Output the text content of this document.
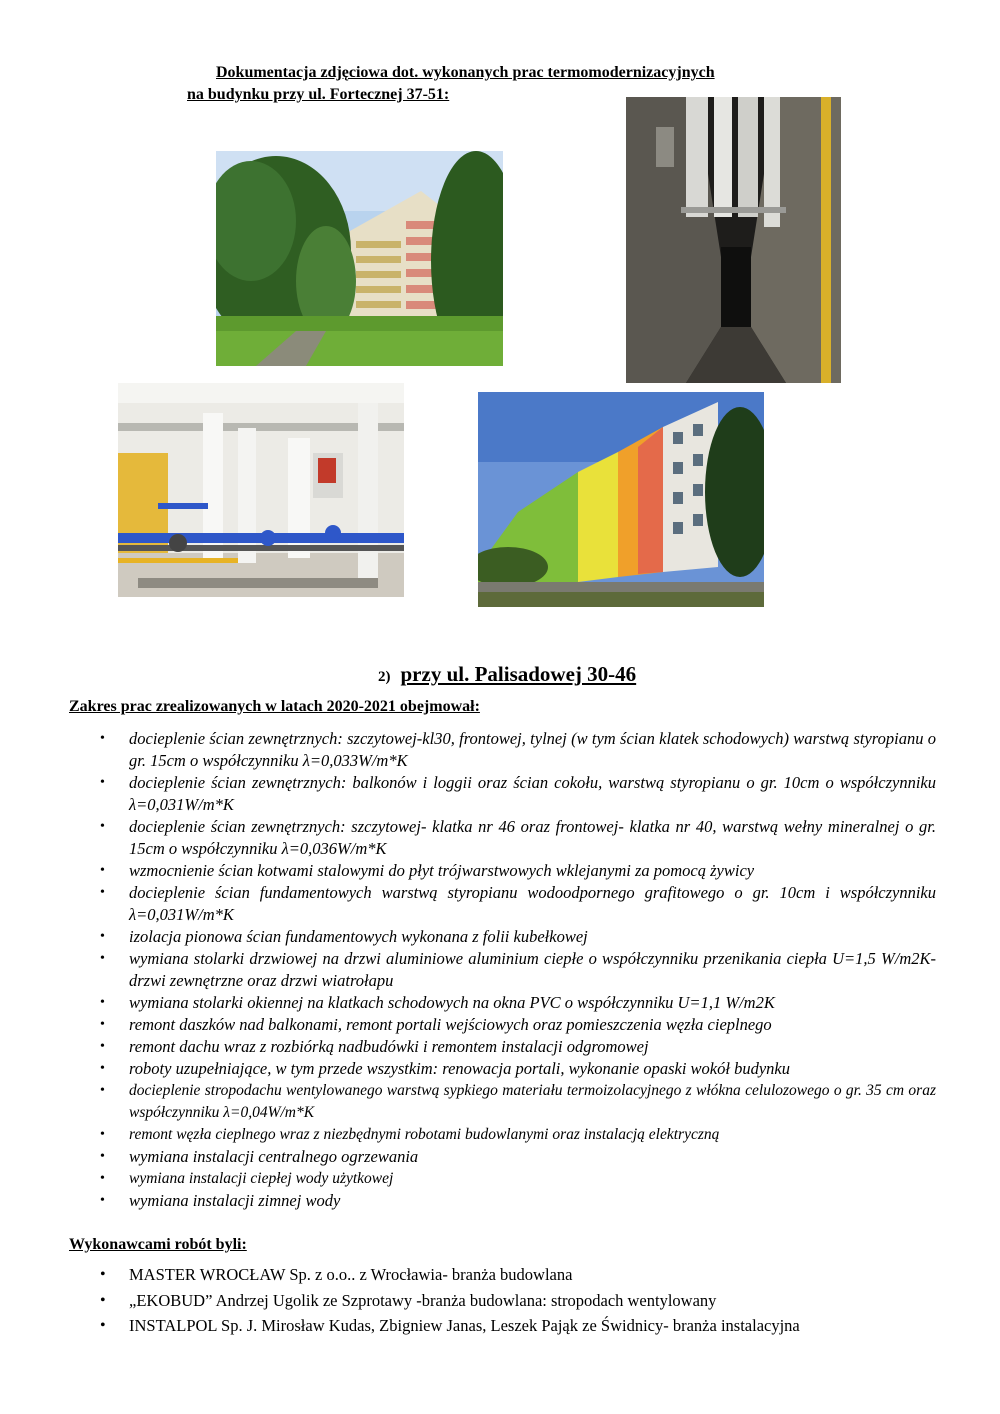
Dokumentacja zdjęciowa dot. wykonanych prac termomodernizacyjnych
na budynku przy ul. Fortecznej 37-51:
2) przy ul. Palisadowej 30-46
Zakres prac zrealizowanych w latach 2020-2021 obejmował:
• docieplenie ścian zewnętrznych: szczytowej-kl30, frontowej, tylnej (w tym ścian klatek schodowych) warstwą styropianu o gr. 15cm o współczynniku λ=0,033W/m*K
• docieplenie ścian zewnętrznych: balkonów i loggii oraz ścian cokołu, warstwą styropianu o gr. 10cm o współczynniku λ=0,031W/m*K
• docieplenie ścian zewnętrznych: szczytowej- klatka nr 46 oraz frontowej- klatka nr 40, warstwą wełny mineralnej o gr. 15cm o współczynniku λ=0,036W/m*K
• wzmocnienie ścian kotwami stalowymi do płyt trójwarstwowych wklejanymi za pomocą żywicy
• docieplenie ścian fundamentowych warstwą styropianu wodoodpornego grafitowego o gr. 10cm i współczynniku λ=0,031W/m*K
• izolacja pionowa ścian fundamentowych wykonana z folii kubełkowej
• wymiana stolarki drzwiowej na drzwi aluminiowe aluminium ciepłe o współczynniku przenikania ciepła U=1,5 W/m2K- drzwi zewnętrzne oraz drzwi wiatrołapu
• wymiana stolarki okiennej na klatkach schodowych na okna PVC o współczynniku U=1,1 W/m2K
• remont daszków nad balkonami, remont portali wejściowych oraz pomieszczenia węzła cieplnego
• remont dachu wraz z rozbiórką nadbudówki i remontem instalacji odgromowej
• roboty uzupełniające, w tym przede wszystkim: renowacja portali, wykonanie opaski wokół budynku
• docieplenie stropodachu wentylowanego warstwą sypkiego materiału termoizolacyjnego z włókna celulozowego o gr. 35 cm oraz współczynniku λ=0,04W/m*K
• remont węzła cieplnego wraz z niezbędnymi robotami budowlanymi oraz instalacją elektryczną
• wymiana instalacji centralnego ogrzewania
• wymiana instalacji ciepłej wody użytkowej
• wymiana instalacji zimnej wody
Wykonawcami robót byli:
• MASTER WROCŁAW Sp. z o.o.. z Wrocławia- branża budowlana
• „EKOBUD” Andrzej Ugolik ze Szprotawy -branża budowlana: stropodach wentylowany
• INSTALPOL Sp. J. Mirosław Kudas, Zbigniew Janas, Leszek Pająk ze Świdnicy- branża instalacyjna
